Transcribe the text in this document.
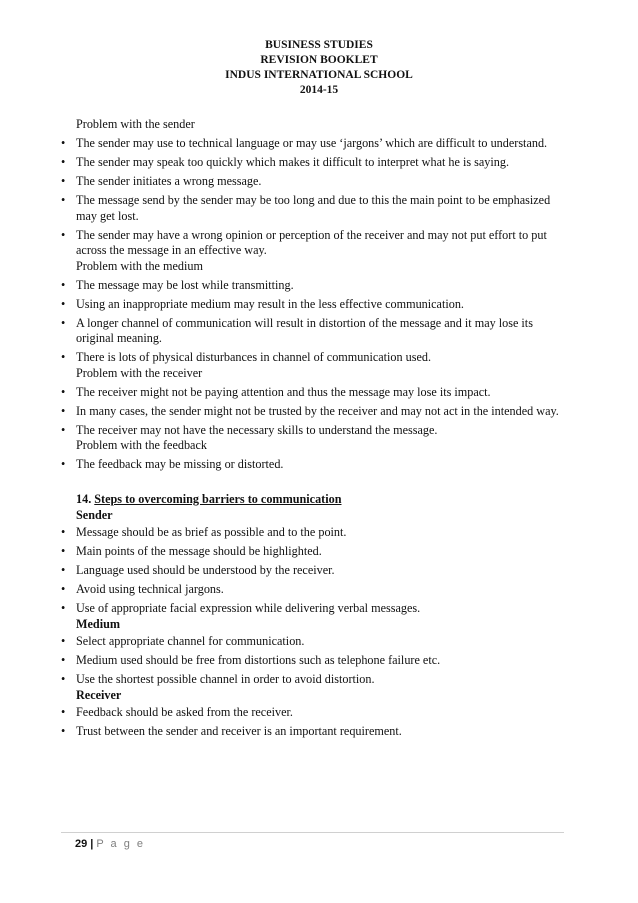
BUSINESS STUDIES
REVISION BOOKLET
INDUS INTERNATIONAL SCHOOL
2014-15

Problem with the sender

• The sender may use to technical language or may use ‘jargons’ which are difficult to understand.
• The sender may speak too quickly which makes it difficult to interpret what he is saying.
• The sender initiates a wrong message.
• The message send by the sender may be too long and due to this the main point to be emphasized may get lost.
• The sender may have a wrong opinion or perception of the receiver and may not put effort to put across the message in an effective way.

Problem with the medium

• The message may be lost while transmitting.
• Using an inappropriate medium may result in the less effective communication.
• A longer channel of communication will result in distortion of the message and it may lose its original meaning.
• There is lots of physical disturbances in channel of communication used.

Problem with the receiver

• The receiver might not be paying attention and thus the message may lose its impact.
• In many cases, the sender might not be trusted by the receiver and may not act in the intended way.
• The receiver may not have the necessary skills to understand the message.

Problem with the feedback

• The feedback may be missing or distorted.

14. Steps to overcoming barriers to communication

Sender

• Message should be as brief as possible and to the point.
• Main points of the message should be highlighted.
• Language used should be understood by the receiver.
• Avoid using technical jargons.
• Use of appropriate facial expression while delivering verbal messages.

Medium

• Select appropriate channel for communication.
• Medium used should be free from distortions such as telephone failure etc.
• Use the shortest possible channel in order to avoid distortion.

Receiver

• Feedback should be asked from the receiver.
• Trust between the sender and receiver is an important requirement.
29 | P a g e
